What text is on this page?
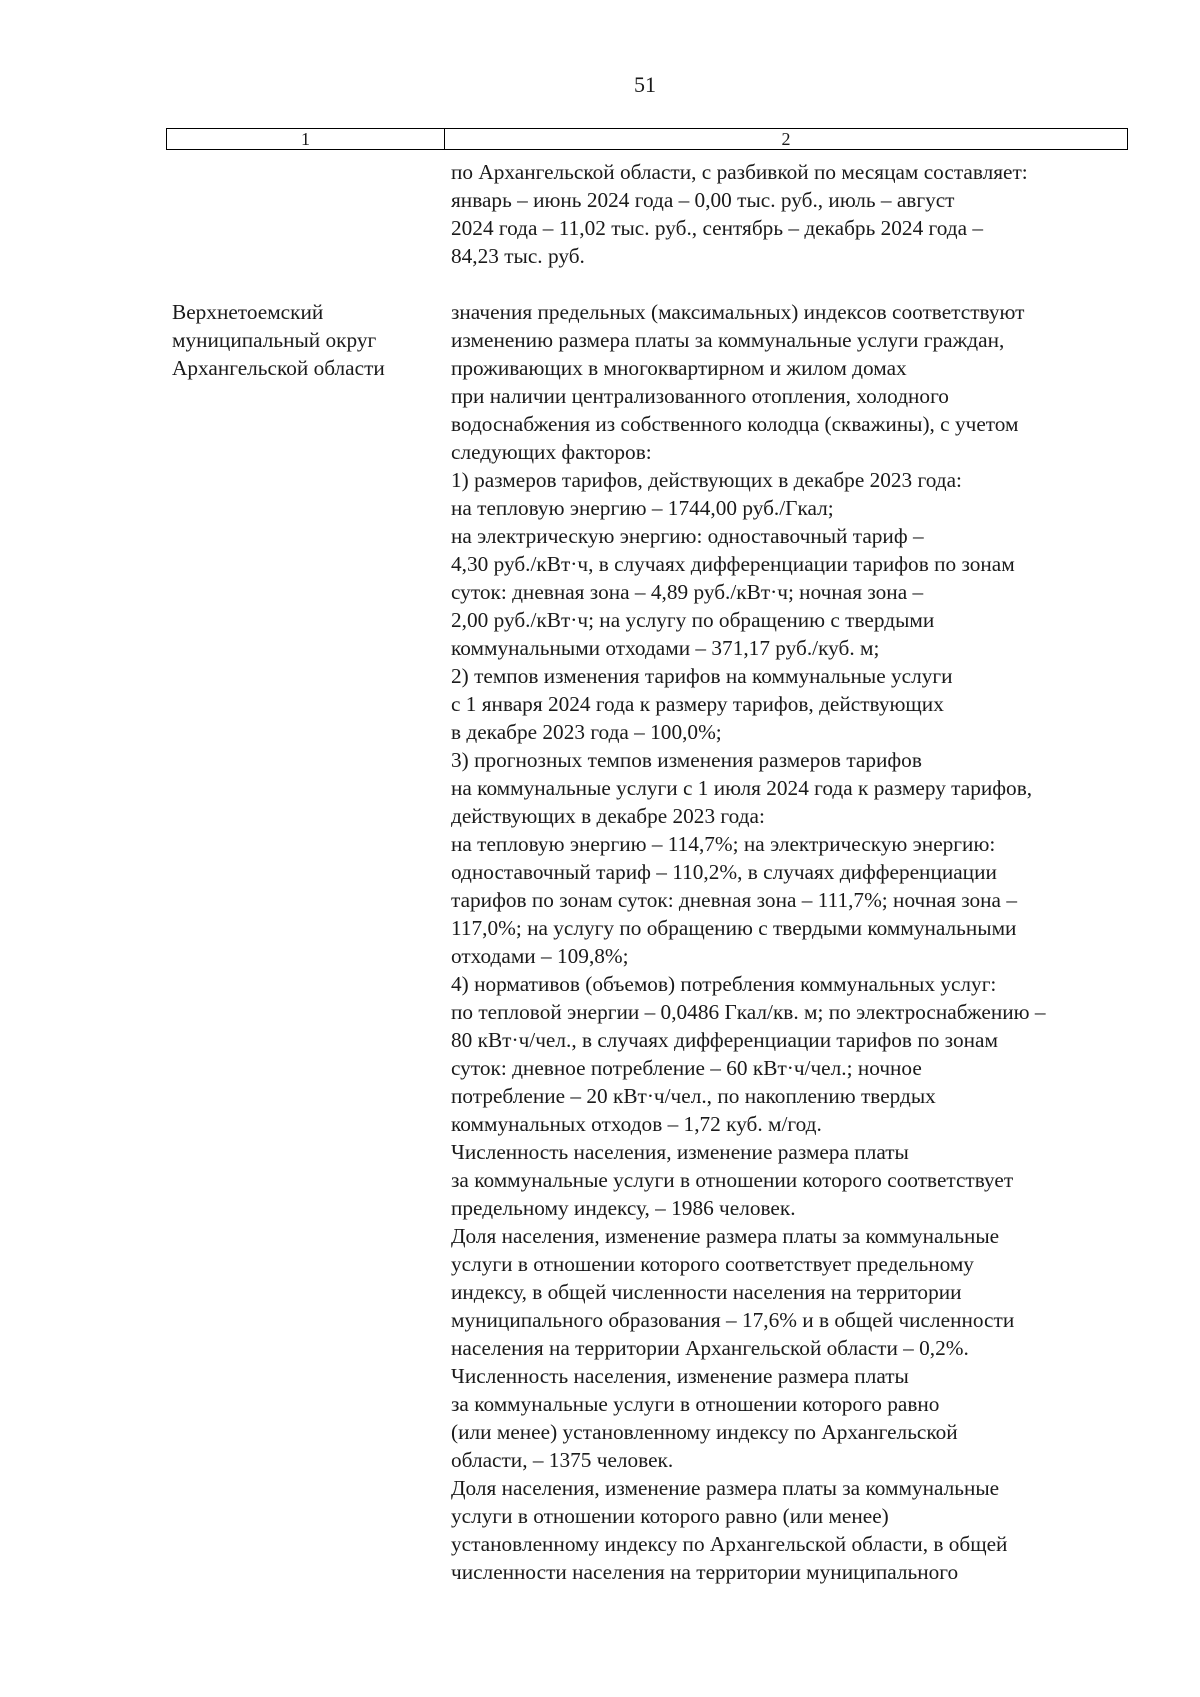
51
1	2
по Архангельской области, с разбивкой по месяцам составляет:
январь – июнь 2024 года – 0,00 тыс. руб., июль – август
2024 года – 11,02 тыс. руб., сентябрь – декабрь 2024 года –
84,23 тыс. руб.
Верхнетоемский
муниципальный округ
Архангельской области
значения предельных (максимальных) индексов соответствуют
изменению размера платы за коммунальные услуги граждан,
проживающих в многоквартирном и жилом домах
при наличии централизованного отопления, холодного
водоснабжения из собственного колодца (скважины), с учетом
следующих факторов:
1) размеров тарифов, действующих в декабре 2023 года:
на тепловую энергию – 1744,00 руб./Гкал;
на электрическую энергию: одноставочный тариф –
4,30 руб./кВт·ч, в случаях дифференциации тарифов по зонам
суток: дневная зона – 4,89 руб./кВт·ч; ночная зона –
2,00 руб./кВт·ч; на услугу по обращению с твердыми
коммунальными отходами – 371,17 руб./куб. м;
2) темпов изменения тарифов на коммунальные услуги
с 1 января 2024 года к размеру тарифов, действующих
в декабре 2023 года – 100,0%;
3) прогнозных темпов изменения размеров тарифов
на коммунальные услуги с 1 июля 2024 года к размеру тарифов,
действующих в декабре 2023 года:
на тепловую энергию – 114,7%; на электрическую энергию:
одноставочный тариф – 110,2%, в случаях дифференциации
тарифов по зонам суток: дневная зона – 111,7%; ночная зона –
117,0%; на услугу по обращению с твердыми коммунальными
отходами – 109,8%;
4) нормативов (объемов) потребления коммунальных услуг:
по тепловой энергии – 0,0486 Гкал/кв. м; по электроснабжению –
80 кВт·ч/чел., в случаях дифференциации тарифов по зонам
суток: дневное потребление – 60 кВт·ч/чел.; ночное
потребление – 20 кВт·ч/чел., по накоплению твердых
коммунальных отходов – 1,72 куб. м/год.
Численность населения, изменение размера платы
за коммунальные услуги в отношении которого соответствует
предельному индексу, – 1986 человек.
Доля населения, изменение размера платы за коммунальные
услуги в отношении которого соответствует предельному
индексу, в общей численности населения на территории
муниципального образования – 17,6% и в общей численности
населения на территории Архангельской области – 0,2%.
Численность населения, изменение размера платы
за коммунальные услуги в отношении которого равно
(или менее) установленному индексу по Архангельской
области, – 1375 человек.
Доля населения, изменение размера платы за коммунальные
услуги в отношении которого равно (или менее)
установленному индексу по Архангельской области, в общей
численности населения на территории муниципального
